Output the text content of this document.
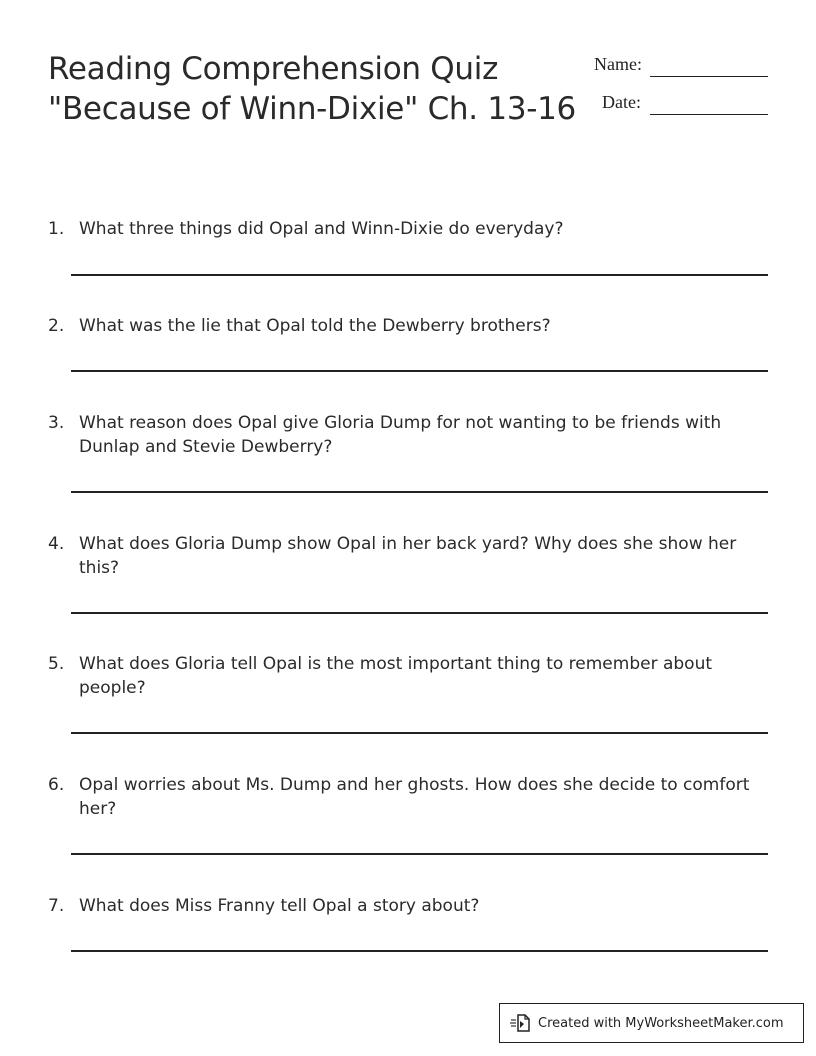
Reading Comprehension Quiz
"Because of Winn-Dixie" Ch. 13-16
Name:
Date:
1. What three things did Opal and Winn-Dixie do everyday?
2. What was the lie that Opal told the Dewberry brothers?
3. What reason does Opal give Gloria Dump for not wanting to be friends with Dunlap and Stevie Dewberry?
4. What does Gloria Dump show Opal in her back yard? Why does she show her this?
5. What does Gloria tell Opal is the most important thing to remember about people?
6. Opal worries about Ms. Dump and her ghosts. How does she decide to comfort her?
7. What does Miss Franny tell Opal a story about?
Created with MyWorksheetMaker.com
